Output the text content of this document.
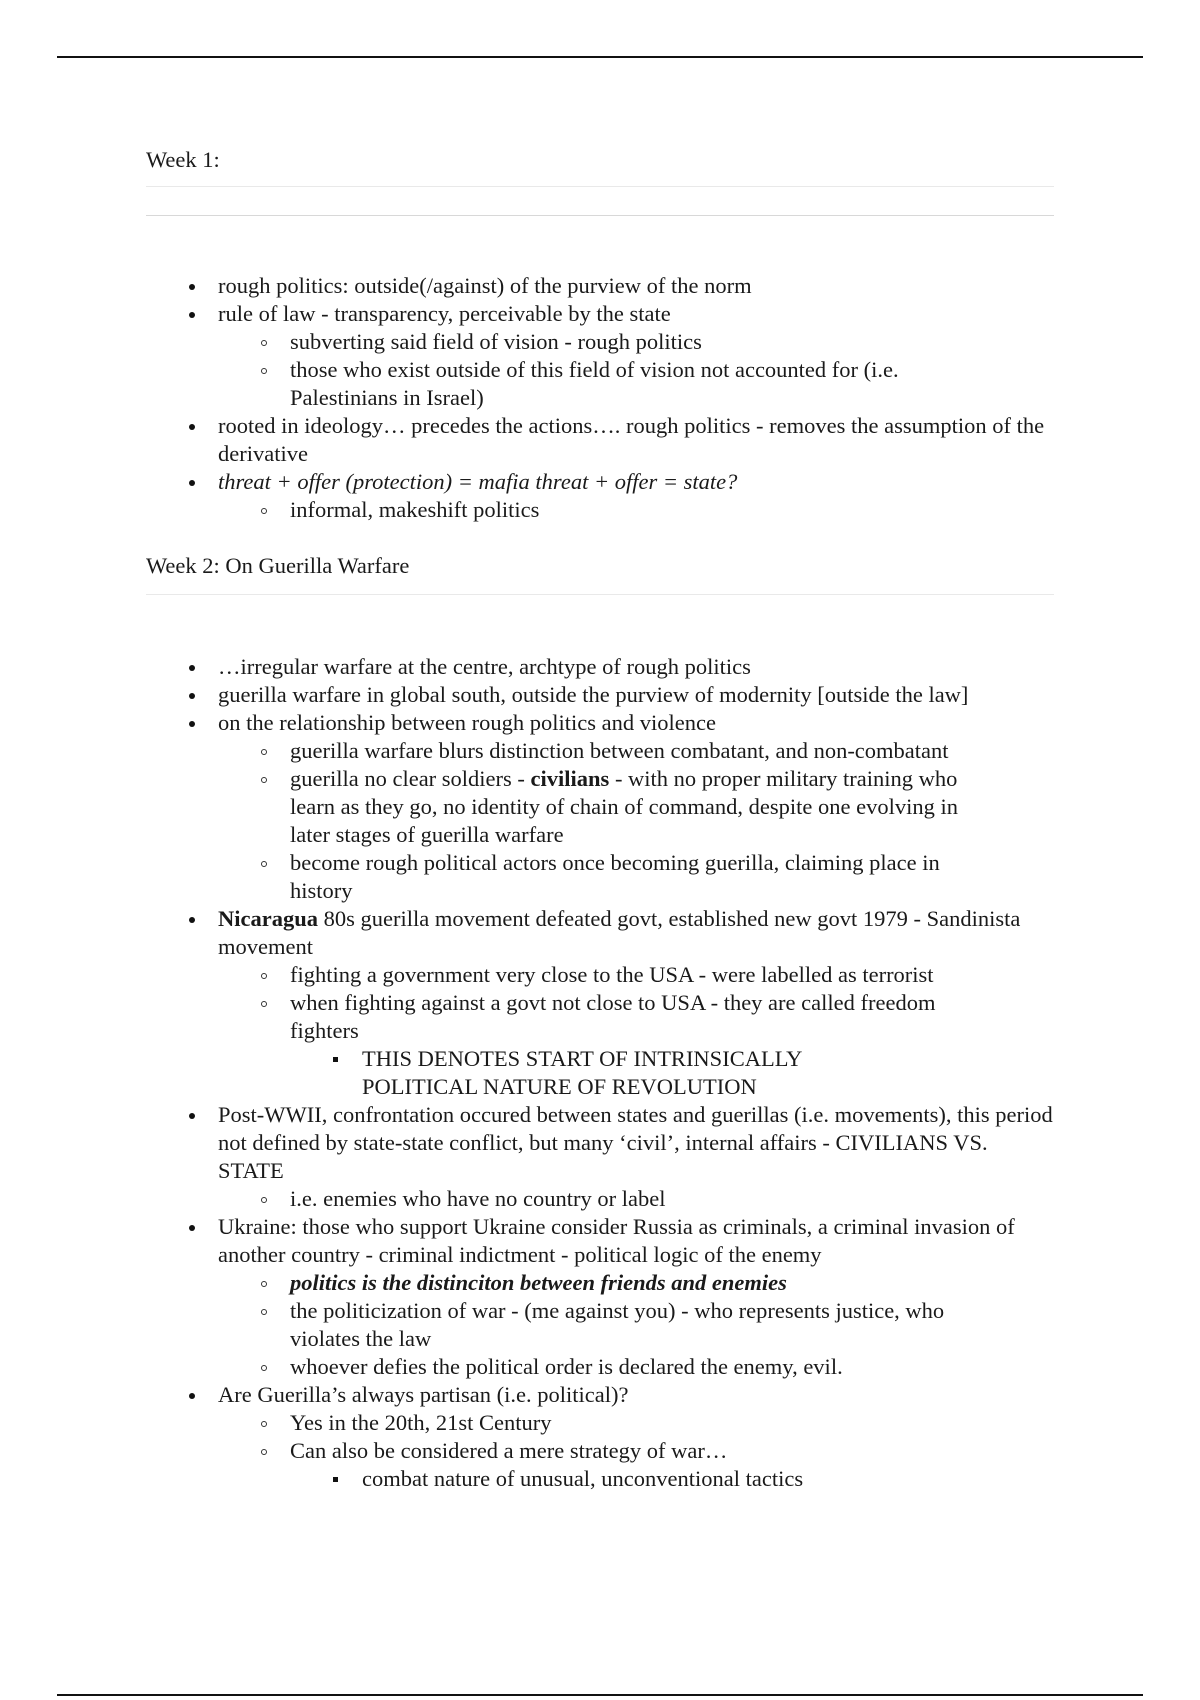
Week 1:
rough politics: outside(/against) of the purview of the norm
rule of law - transparency, perceivable by the state
subverting said field of vision - rough politics
those who exist outside of this field of vision not accounted for (i.e. Palestinians in Israel)
rooted in ideology… precedes the actions…. rough politics - removes the assumption of the derivative
threat + offer (protection) = mafia threat + offer = state?
informal, makeshift politics
Week 2: On Guerilla Warfare
…irregular warfare at the centre, archtype of rough politics
guerilla warfare in global south, outside the purview of modernity [outside the law]
on the relationship between rough politics and violence
guerilla warfare blurs distinction between combatant, and non-combatant
guerilla no clear soldiers - civilians - with no proper military training who learn as they go, no identity of chain of command, despite one evolving in later stages of guerilla warfare
become rough political actors once becoming guerilla, claiming place in history
Nicaragua 80s guerilla movement defeated govt, established new govt 1979 - Sandinista movement
fighting a government very close to the USA - were labelled as terrorist
when fighting against a govt not close to USA - they are called freedom fighters
THIS DENOTES START OF INTRINSICALLY POLITICAL NATURE OF REVOLUTION
Post-WWII, confrontation occured between states and guerillas (i.e. movements), this period not defined by state-state conflict, but many ‘civil’, internal affairs - CIVILIANS VS. STATE
i.e. enemies who have no country or label
Ukraine: those who support Ukraine consider Russia as criminals, a criminal invasion of another country - criminal indictment - political logic of the enemy
politics is the distinciton between friends and enemies
the politicization of war - (me against you) - who represents justice, who violates the law
whoever defies the political order is declared the enemy, evil.
Are Guerilla’s always partisan (i.e. political)?
Yes in the 20th, 21st Century
Can also be considered a mere strategy of war…
combat nature of unusual, unconventional tactics
